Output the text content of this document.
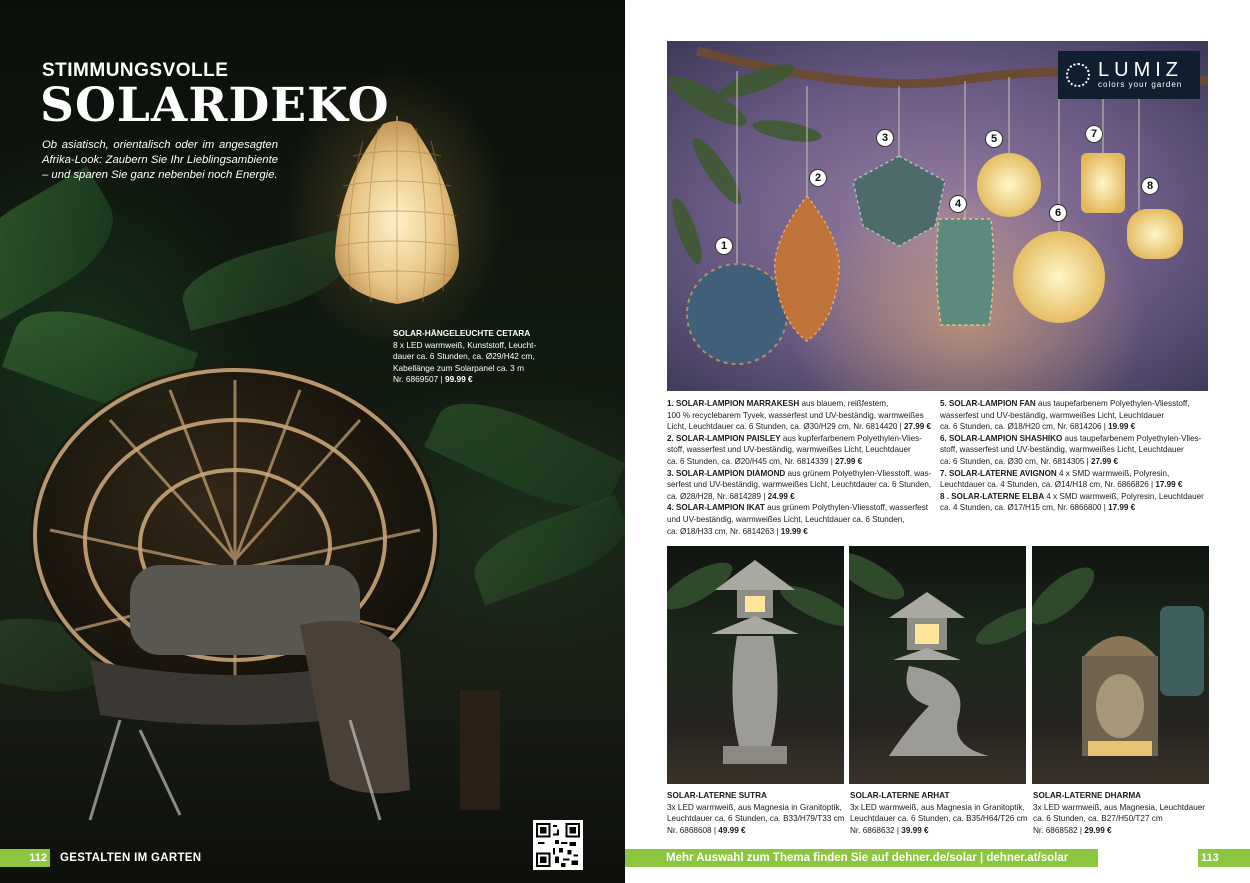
STIMMUNGSVOLLE
SOLARDEKO

Ob asiatisch, orientalisch oder im angesagten Afrika-Look: Zaubern Sie Ihr Lieblingsambiente – und sparen Sie ganz nebenbei noch Energie.

SOLAR-HÄNGELEUCHTE CETARA
8 x LED warmweiß, Kunststoff, Leucht-
dauer ca. 6 Stunden, ca. Ø29/H42 cm,
Kabellänge zum Solarpanel ca. 3 m
Nr. 6869507 | 99.99 €
112 GESTALTEN IM GARTEN
LUMIZ
colors your garden
1
2
3
4
5
6
7
8

1. SOLAR-LAMPION MARRAKESH aus blauem, reißfestem,
100 % recyclebarem Tyvek, wasserfest und UV-beständig, warmweißes
Licht, Leuchtdauer ca. 6 Stunden, ca. Ø30/H29 cm, Nr. 6814420 | 27.99 €

2. SOLAR-LAMPION PAISLEY aus kupferfarbenem Polyethylen-Vlies-
stoff, wasserfest und UV-beständig, warmweißes Licht, Leuchtdauer
ca. 6 Stunden, ca. Ø20/H45 cm, Nr. 6814339 | 27.99 €

3. SOLAR-LAMPION DIAMOND aus grünem Polyethylen-Vliesstoff, was-
serfest und UV-beständig, warmweißes Licht, Leuchtdauer ca. 6 Stunden,
ca. Ø28/H28, Nr. 6814289 | 24.99 €

4. SOLAR-LAMPION IKAT aus grünem Polythylen-Vliesstoff, wasserfest
und UV-beständig, warmweißes Licht, Leuchtdauer ca. 6 Stunden,
ca. Ø18/H33 cm, Nr. 6814263 | 19.99 €

5. SOLAR-LAMPION FAN aus taupefarbenem Polyethylen-Vliesstoff,
wasserfest und UV-beständig, warmweißes Licht, Leuchtdauer
ca. 6 Stunden, ca. Ø18/H20 cm, Nr. 6814206 | 19.99 €

6. SOLAR-LAMPION SHASHIKO aus taupefarbenem Polyethylen-Vlies-
stoff, wasserfest und UV-beständig, warmweißes Licht, Leuchtdauer
ca. 6 Stunden, ca. Ø30 cm, Nr. 6814305 | 27.99 €

7. SOLAR-LATERNE AVIGNON 4 x SMD warmweiß, Polyresin,
Leuchtdauer ca. 4 Stunden, ca. Ø14/H18 cm, Nr. 6866826 | 17.99 €

8 . SOLAR-LATERNE ELBA 4 x SMD warmweiß, Polyresin, Leuchtdauer
ca. 4 Stunden, ca. Ø17/H15 cm, Nr. 6866800 | 17.99 €

SOLAR-LATERNE SUTRA
3x LED warmweiß, aus Magnesia in Granitoptik,
Leuchtdauer ca. 6 Stunden, ca. B33/H79/T33 cm
Nr. 6868608 | 49.99 €
SOLAR-LATERNE ARHAT
3x LED warmweiß, aus Magnesia in Granitoptik,
Leuchtdauer ca. 6 Stunden, ca. B35/H64/T26 cm
Nr. 6868632 | 39.99 €
SOLAR-LATERNE DHARMA
3x LED warmweiß, aus Magnesia, Leuchtdauer
ca. 6 Stunden, ca. B27/H50/T27 cm
Nr. 6868582 | 29.99 €
Mehr Auswahl zum Thema finden Sie auf dehner.de/solar | dehner.at/solar	113
